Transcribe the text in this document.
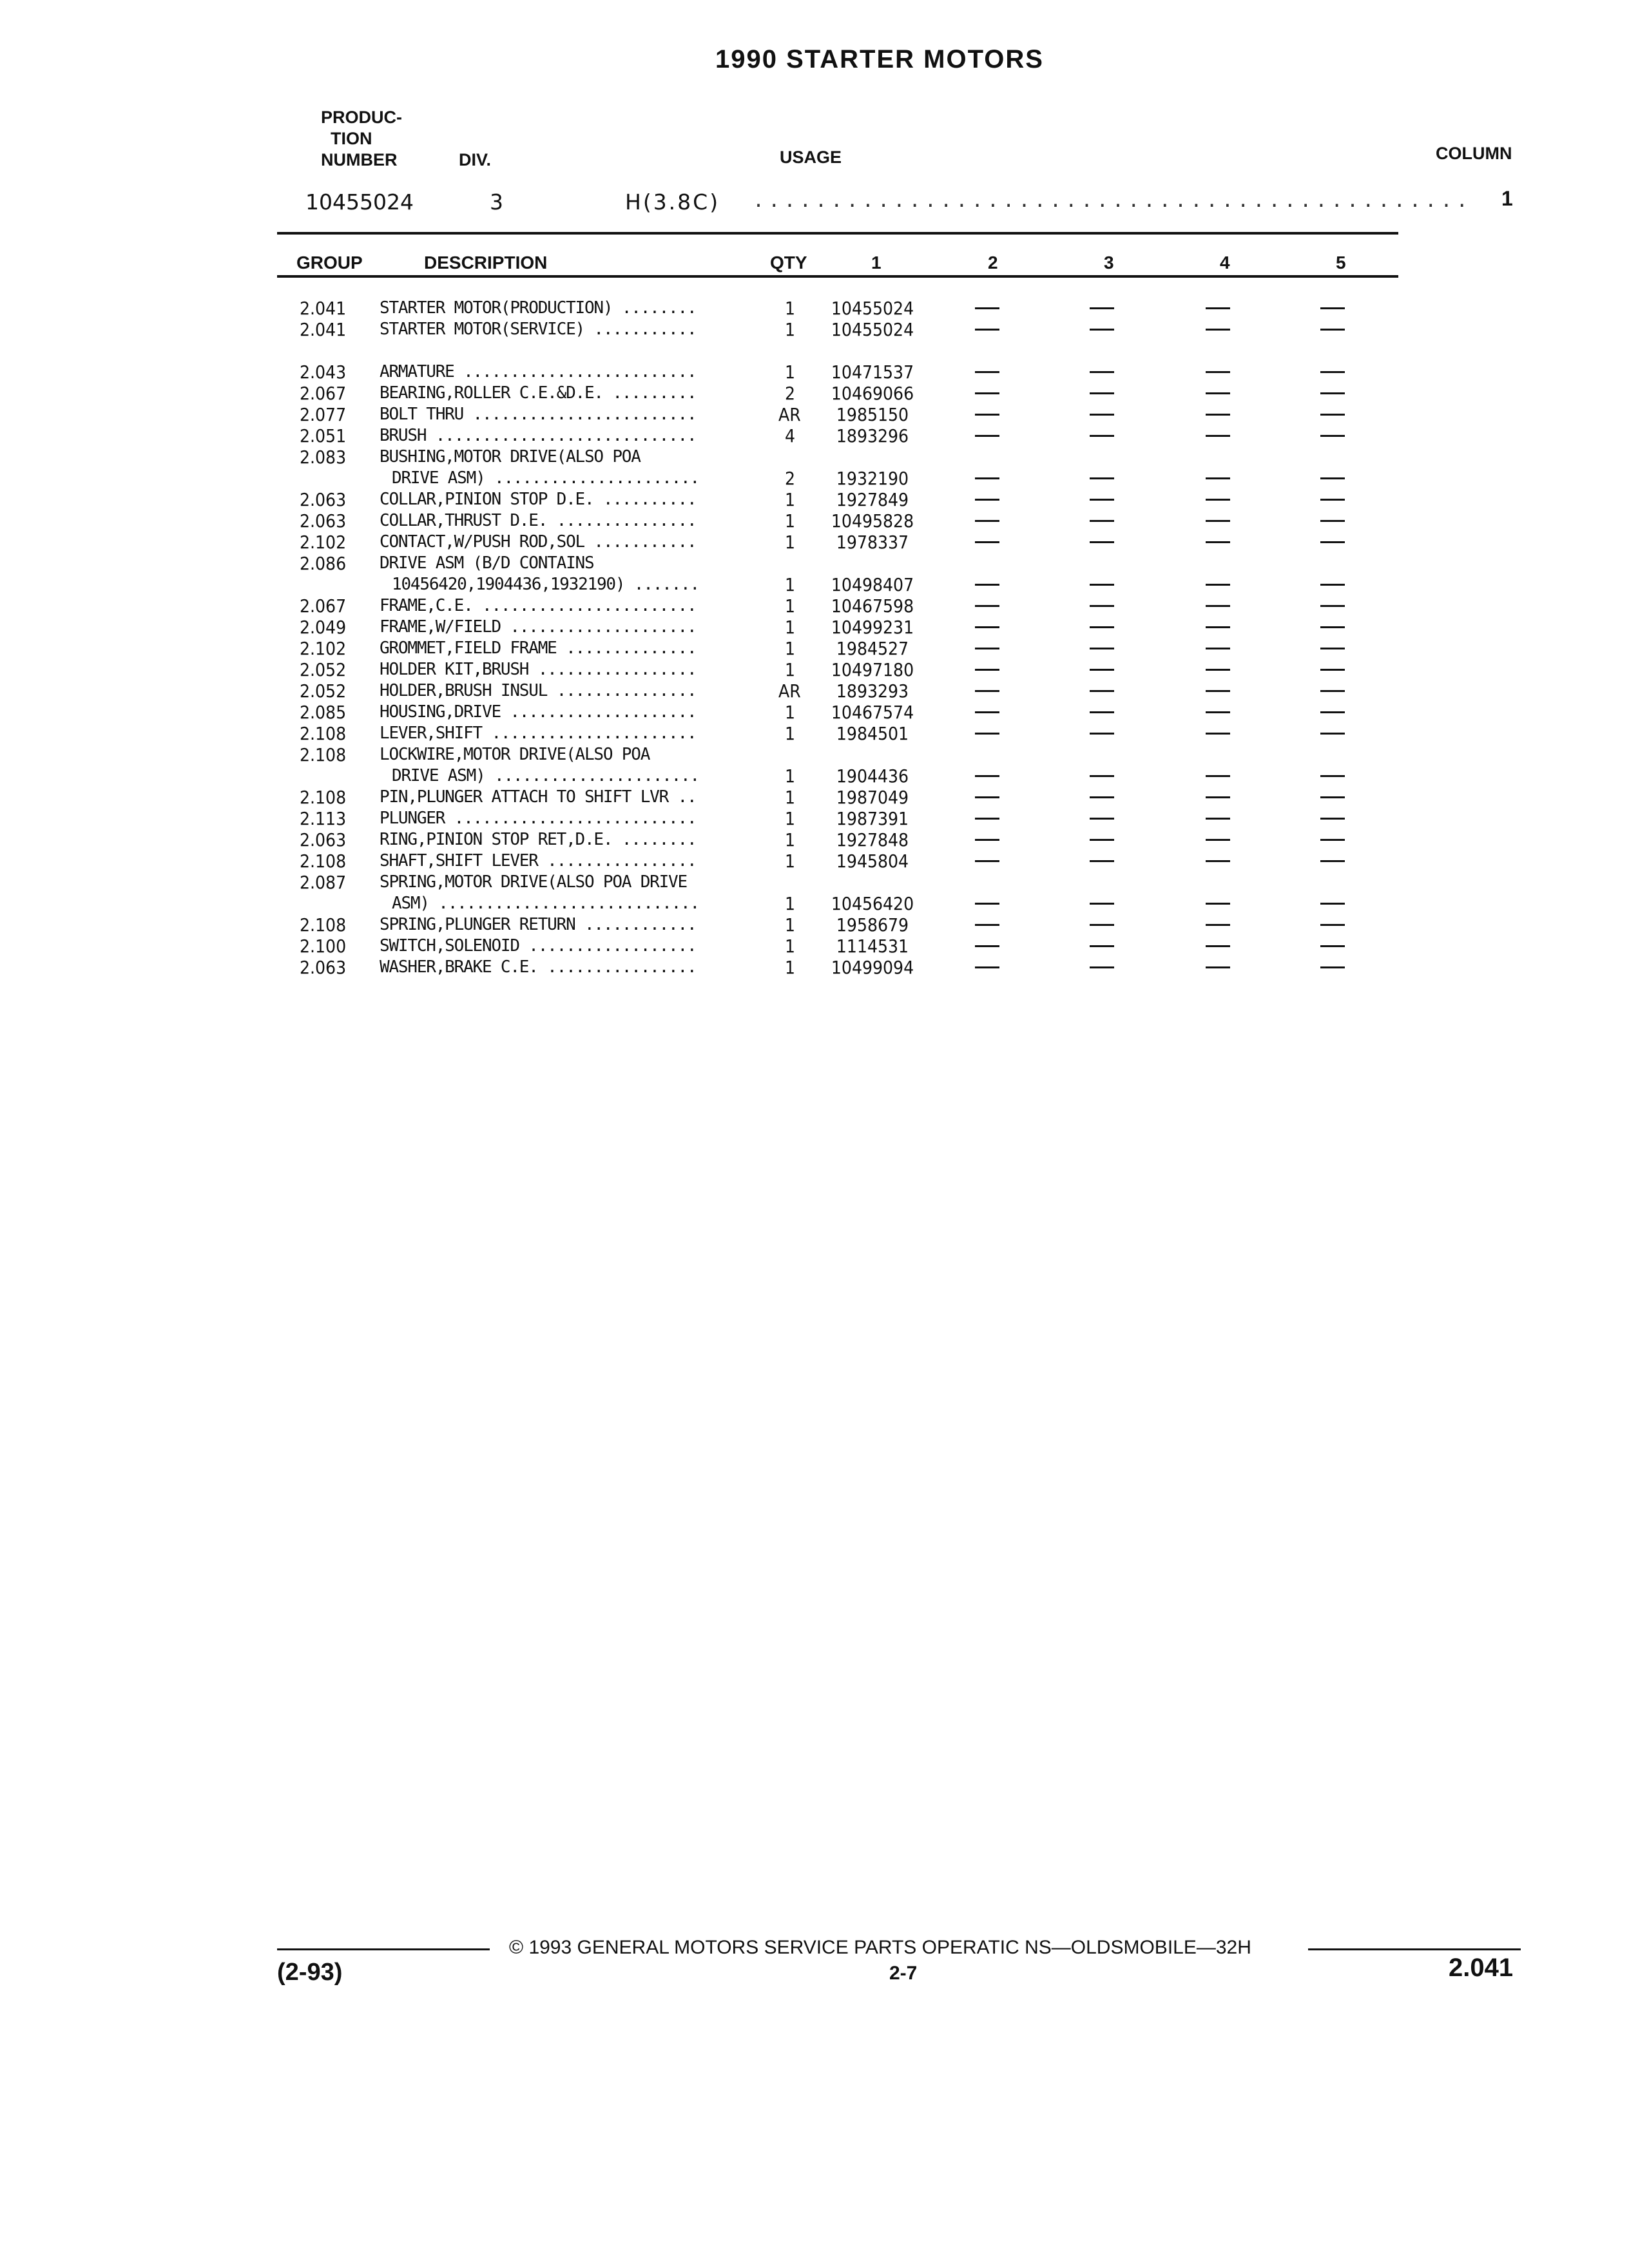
1990 STARTER MOTORS
PRODUC-
TION
NUMBER	DIV.	USAGE	COLUMN
10455024	3	H(3.8C) .............................................. 1
GROUP	DESCRIPTION	QTY	1	2	3	4	5
2.041 STARTER MOTOR(PRODUCTION) ........	1	10455024
2.041 STARTER MOTOR(SERVICE) ...........	1	10455024
2.043 ARMATURE .........................	1	10471537
2.067 BEARING,ROLLER C.E.&D.E. .........	2	10469066
2.077 BOLT THRU ........................	AR	1985150
2.051 BRUSH ............................	4	1893296
2.083 BUSHING,MOTOR DRIVE(ALSO POA
DRIVE ASM) ......................	2	1932190
2.063 COLLAR,PINION STOP D.E. ..........	1	1927849
2.063 COLLAR,THRUST D.E. ...............	1	10495828
2.102 CONTACT,W/PUSH ROD,SOL ...........	1	1978337
2.086 DRIVE ASM (B/D CONTAINS
10456420,1904436,1932190) .......	1	10498407
2.067 FRAME,C.E. .......................	1	10467598
2.049 FRAME,W/FIELD ....................	1	10499231
2.102 GROMMET,FIELD FRAME ..............	1	1984527
2.052 HOLDER KIT,BRUSH .................	1	10497180
2.052 HOLDER,BRUSH INSUL ...............	AR	1893293
2.085 HOUSING,DRIVE ....................	1	10467574
2.108 LEVER,SHIFT ......................	1	1984501
2.108 LOCKWIRE,MOTOR DRIVE(ALSO POA
DRIVE ASM) ......................	1	1904436
2.108 PIN,PLUNGER ATTACH TO SHIFT LVR ..	1	1987049
2.113 PLUNGER ..........................	1	1987391
2.063 RING,PINION STOP RET,D.E. ........	1	1927848
2.108 SHAFT,SHIFT LEVER ................	1	1945804
2.087 SPRING,MOTOR DRIVE(ALSO POA DRIVE
ASM) ............................	1	10456420
2.108 SPRING,PLUNGER RETURN ............	1	1958679
2.100 SWITCH,SOLENOID ..................	1	1114531
2.063 WASHER,BRAKE C.E. ................	1	10499094
© 1993 GENERAL MOTORS SERVICE PARTS OPERATIC NS—OLDSMOBILE—32H
(2-93)	2-7	2.041
